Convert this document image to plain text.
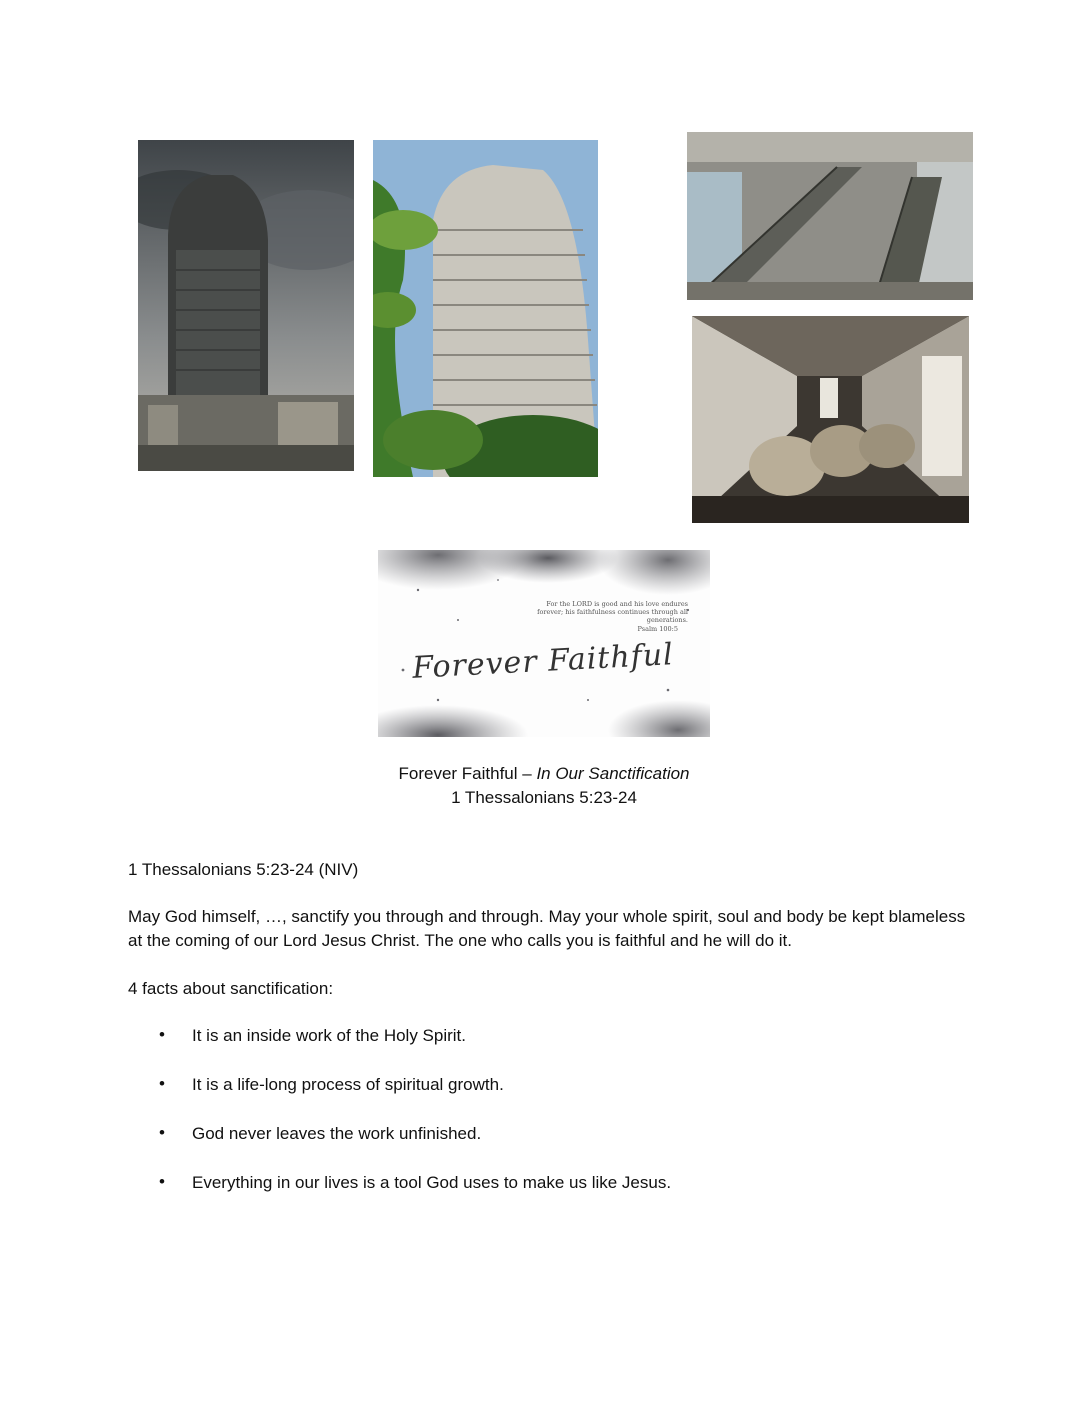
For the LORD is good and his love endures forever; his faithfulness continues through all generations.
Psalm 100:5
Forever Faithful
Forever Faithful – In Our Sanctification
1 Thessalonians 5:23-24
1 Thessalonians 5:23-24 (NIV)
May God himself, …, sanctify you through and through. May your whole spirit, soul and body be kept blameless at the coming of our Lord Jesus Christ. The one who calls you is faithful and he will do it.
4 facts about sanctification:
• It is an inside work of the Holy Spirit.
• It is a life-long process of spiritual growth.
• God never leaves the work unfinished.
• Everything in our lives is a tool God uses to make us like Jesus.
